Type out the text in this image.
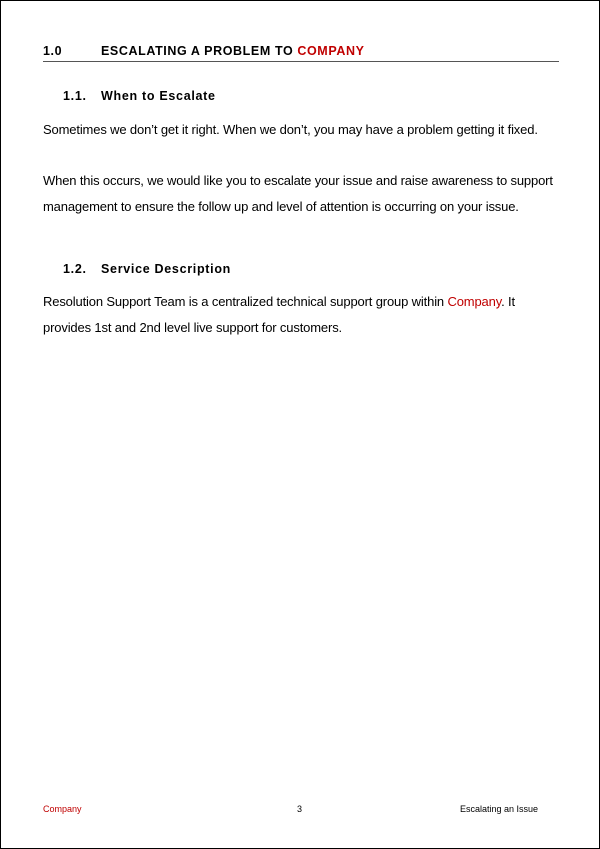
1.0	ESCALATING A PROBLEM TO COMPANY
1.1. When to Escalate
Sometimes we don’t get it right. When we don’t, you may have a problem getting it fixed.
When this occurs, we would like you to escalate your issue and raise awareness to support management to ensure the follow up and level of attention is occurring on your issue.
1.2. Service Description
Resolution Support Team is a centralized technical support group within Company. It provides 1st and 2nd level live support for customers.
Company	3	Escalating an Issue
